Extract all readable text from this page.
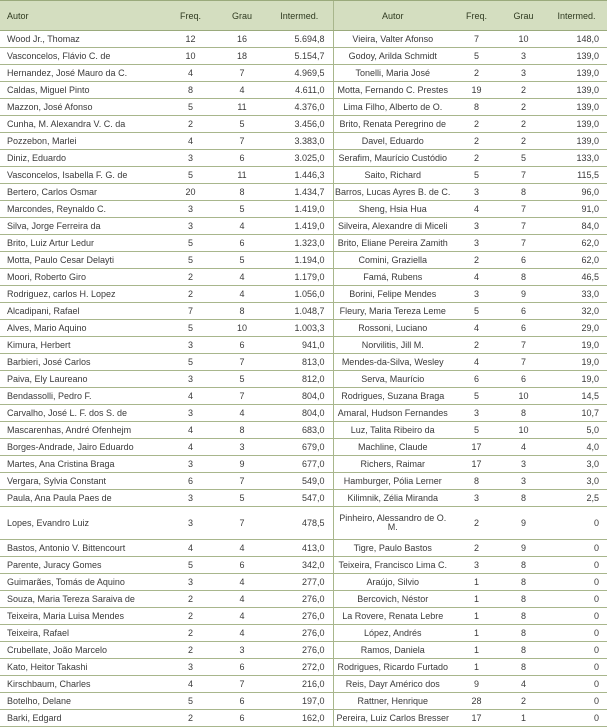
Autor	Freq.	Grau	Intermed.	Autor	Freq.	Grau	Intermed.
Wood Jr., Thomaz	12	16	5.694,8	Vieira, Valter Afonso	7	10	148,0
Vasconcelos, Flávio C. de	10	18	5.154,7	Godoy, Arilda Schmidt	5	3	139,0
Hernandez, José Mauro da C.	4	7	4.969,5	Tonelli, Maria José	2	3	139,0
Caldas, Miguel Pinto	8	4	4.611,0	Motta, Fernando C. Prestes	19	2	139,0
Mazzon, José Afonso	5	11	4.376,0	Lima Filho, Alberto de O.	8	2	139,0
Cunha, M. Alexandra V. C. da	2	5	3.456,0	Brito, Renata Peregrino de	2	2	139,0
Pozzebon, Marlei	4	7	3.383,0	Davel, Eduardo	2	2	139,0
Diniz, Eduardo	3	6	3.025,0	Serafim, Maurício Custódio	2	5	133,0
Vasconcelos, Isabella F. G. de	5	11	1.446,3	Saito, Richard	5	7	115,5
Bertero, Carlos Osmar	20	8	1.434,7	Barros, Lucas Ayres B. de C.	3	8	96,0
Marcondes, Reynaldo C.	3	5	1.419,0	Sheng, Hsia Hua	4	7	91,0
Silva, Jorge Ferreira da	3	4	1.419,0	Silveira, Alexandre di Miceli	3	7	84,0
Brito, Luiz Artur Ledur	5	6	1.323,0	Brito, Eliane Pereira Zamith	3	7	62,0
Motta, Paulo Cesar Delayti	5	5	1.194,0	Comini, Graziella	2	6	62,0
Moori, Roberto Giro	2	4	1.179,0	Famá, Rubens	4	8	46,5
Rodriguez, carlos H. Lopez	2	4	1.056,0	Borini, Felipe Mendes	3	9	33,0
Alcadipani, Rafael	7	8	1.048,7	Fleury, Maria Tereza Leme	5	6	32,0
Alves, Mario Aquino	5	10	1.003,3	Rossoni, Luciano	4	6	29,0
Kimura, Herbert	3	6	941,0	Norvilitis, Jill M.	2	7	19,0
Barbieri, José Carlos	5	7	813,0	Mendes-da-Silva, Wesley	4	7	19,0
Paiva, Ely Laureano	3	5	812,0	Serva, Maurício	6	6	19,0
Bendassolli, Pedro F.	4	7	804,0	Rodrigues, Suzana Braga	5	10	14,5
Carvalho, José L. F. dos S. de	3	4	804,0	Amaral, Hudson Fernandes	3	8	10,7
Mascarenhas, André Ofenhejm	4	8	683,0	Luz, Talita Ribeiro da	5	10	5,0
Borges-Andrade, Jairo Eduardo	4	3	679,0	Machline, Claude	17	4	4,0
Martes, Ana Cristina Braga	3	9	677,0	Richers, Raimar	17	3	3,0
Vergara, Sylvia Constant	6	7	549,0	Hamburger, Pólia Lerner	8	3	3,0
Paula, Ana Paula Paes de	3	5	547,0	Kilimnik, Zélia Miranda	3	8	2,5
Lopes, Evandro Luiz	3	7	478,5	Pinheiro, Alessandro de O. M.	2	9	0
Bastos, Antonio V. Bittencourt	4	4	413,0	Tigre, Paulo Bastos	2	9	0
Parente, Juracy Gomes	5	6	342,0	Teixeira, Francisco Lima C.	3	8	0
Guimarães, Tomás de Aquino	3	4	277,0	Araújo, Silvio	1	8	0
Souza, Maria Tereza Saraiva de	2	4	276,0	Bercovich, Néstor	1	8	0
Teixeira, Maria Luisa Mendes	2	4	276,0	La Rovere, Renata Lebre	1	8	0
Teixeira, Rafael	2	4	276,0	López, Andrés	1	8	0
Crubellate, João Marcelo	2	3	276,0	Ramos, Daniela	1	8	0
Kato, Heitor Takashi	3	6	272,0	Rodrigues, Ricardo Furtado	1	8	0
Kirschbaum, Charles	4	7	216,0	Reis, Dayr Américo dos	9	4	0
Botelho, Delane	5	6	197,0	Rattner, Henrique	28	2	0
Barki, Edgard	2	6	162,0	Pereira, Luiz Carlos Bresser	17	1	0
